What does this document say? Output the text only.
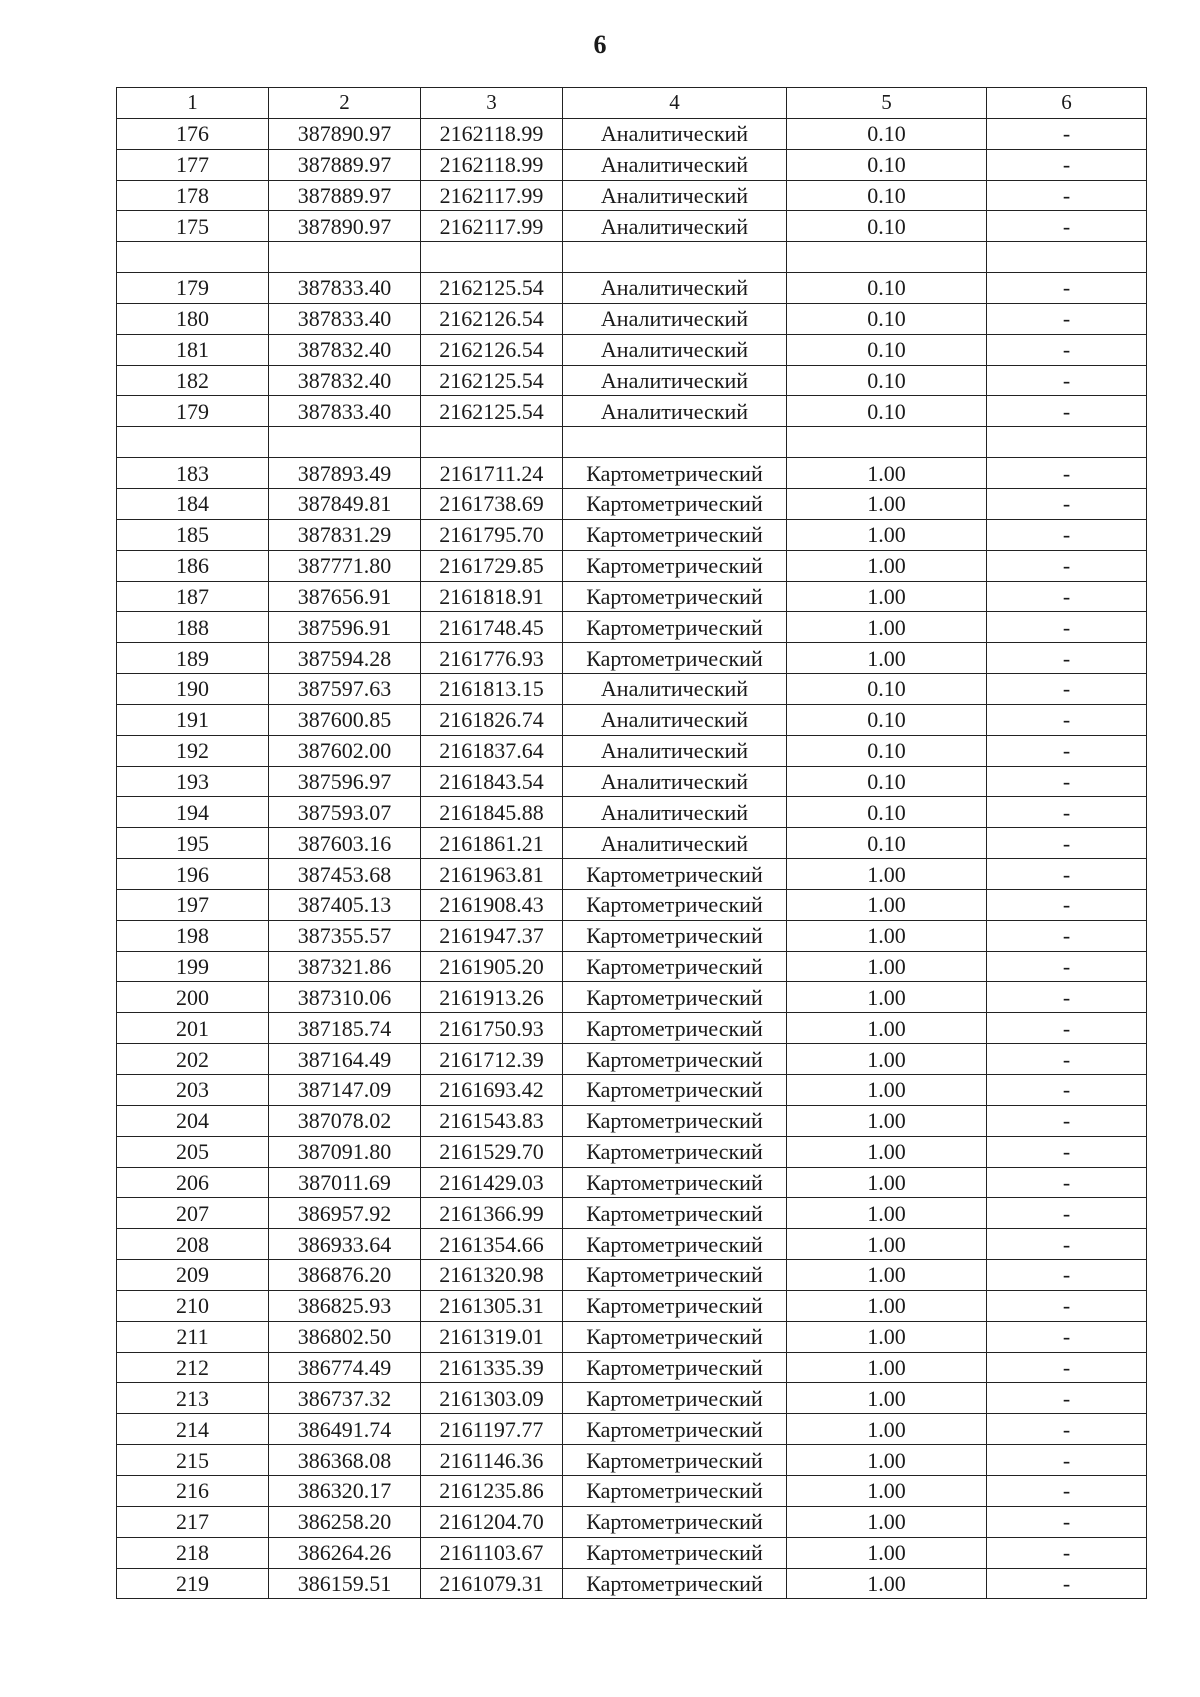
6
1	2	3	4	5	6
176	387890.97	2162118.99	Аналитический	0.10	-
177	387889.97	2162118.99	Аналитический	0.10	-
178	387889.97	2162117.99	Аналитический	0.10	-
175	387890.97	2162117.99	Аналитический	0.10	-

179	387833.40	2162125.54	Аналитический	0.10	-
180	387833.40	2162126.54	Аналитический	0.10	-
181	387832.40	2162126.54	Аналитический	0.10	-
182	387832.40	2162125.54	Аналитический	0.10	-
179	387833.40	2162125.54	Аналитический	0.10	-

183	387893.49	2161711.24	Картометрический	1.00	-
184	387849.81	2161738.69	Картометрический	1.00	-
185	387831.29	2161795.70	Картометрический	1.00	-
186	387771.80	2161729.85	Картометрический	1.00	-
187	387656.91	2161818.91	Картометрический	1.00	-
188	387596.91	2161748.45	Картометрический	1.00	-
189	387594.28	2161776.93	Картометрический	1.00	-
190	387597.63	2161813.15	Аналитический	0.10	-
191	387600.85	2161826.74	Аналитический	0.10	-
192	387602.00	2161837.64	Аналитический	0.10	-
193	387596.97	2161843.54	Аналитический	0.10	-
194	387593.07	2161845.88	Аналитический	0.10	-
195	387603.16	2161861.21	Аналитический	0.10	-
196	387453.68	2161963.81	Картометрический	1.00	-
197	387405.13	2161908.43	Картометрический	1.00	-
198	387355.57	2161947.37	Картометрический	1.00	-
199	387321.86	2161905.20	Картометрический	1.00	-
200	387310.06	2161913.26	Картометрический	1.00	-
201	387185.74	2161750.93	Картометрический	1.00	-
202	387164.49	2161712.39	Картометрический	1.00	-
203	387147.09	2161693.42	Картометрический	1.00	-
204	387078.02	2161543.83	Картометрический	1.00	-
205	387091.80	2161529.70	Картометрический	1.00	-
206	387011.69	2161429.03	Картометрический	1.00	-
207	386957.92	2161366.99	Картометрический	1.00	-
208	386933.64	2161354.66	Картометрический	1.00	-
209	386876.20	2161320.98	Картометрический	1.00	-
210	386825.93	2161305.31	Картометрический	1.00	-
211	386802.50	2161319.01	Картометрический	1.00	-
212	386774.49	2161335.39	Картометрический	1.00	-
213	386737.32	2161303.09	Картометрический	1.00	-
214	386491.74	2161197.77	Картометрический	1.00	-
215	386368.08	2161146.36	Картометрический	1.00	-
216	386320.17	2161235.86	Картометрический	1.00	-
217	386258.20	2161204.70	Картометрический	1.00	-
218	386264.26	2161103.67	Картометрический	1.00	-
219	386159.51	2161079.31	Картометрический	1.00	-
